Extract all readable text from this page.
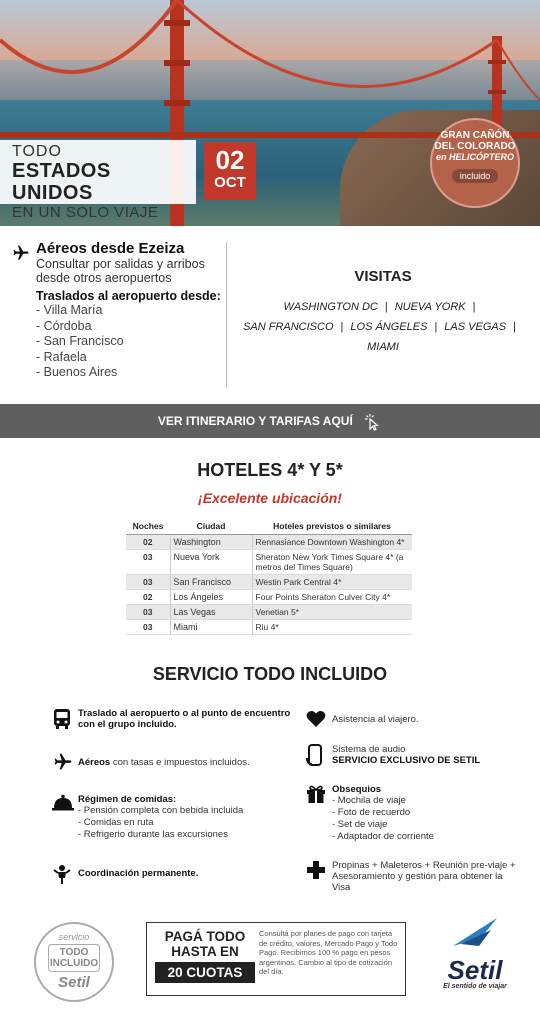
TODO
ESTADOS UNIDOS
EN UN SOLO VIAJE
02
OCT
GRAN CAÑÓN
DEL COLORADO
en HELICÓPTERO
incluido
Aéreos desde Ezeiza
Consultar por salidas y arribos desde otros aeropuertos
Traslados al aeropuerto desde:
- Villa María
- Córdoba
- San Francisco
- Rafaela
- Buenos Aires
VISITAS
WASHINGTON DC | NUEVA YORK |
SAN FRANCISCO | LOS ÁNGELES | LAS VEGAS |
MIAMI
VER ITINERARIO Y TARIFAS AQUÍ
HOTELES 4* Y 5*
¡Excelente ubicación!
Noches	Ciudad	Hoteles previstos o similares
02	Washington	Rennasiance Downtown Washington 4*
03	Nueva York	Sheraton New York Times Square 4* (a metros del Times Square)
03	San Francisco	Westin Park Central 4*
02	Los Ángeles	Four Points Sheraton Culver City 4*
03	Las Vegas	Venetian 5*
03	Miami	Riu 4*
SERVICIO TODO INCLUIDO
Traslado al aeropuerto o al punto de encuentro con el grupo incluido.
Aéreos con tasas e impuestos incluidos.
Régimen de comidas:
- Pensión completa con bebida incluida
- Comidas en ruta
- Refrigerio durante las excursiones
Coordinación permanente.
Asistencia al viajero.
Sistema de audio
SERVICIO EXCLUSIVO DE SETIL
Obsequios
- Mochila de viaje
- Foto de recuerdo
- Set de viaje
- Adaptador de corriente
Propinas + Maleteros + Reunión pre-viaje + Asesoramiento y gestión para obtener la Visa
servicio
TODO INCLUIDO
Setil
PAGÁ TODO
HASTA EN
20 CUOTAS
Consultá por planes de pago con tarjeta de crédito, valores, Mercado Pago y Todo Pago. Recibimos 100 % pago en pesos argentinos. Cambio al tipo de cotización del día.	Setil
El sentido de viajar
